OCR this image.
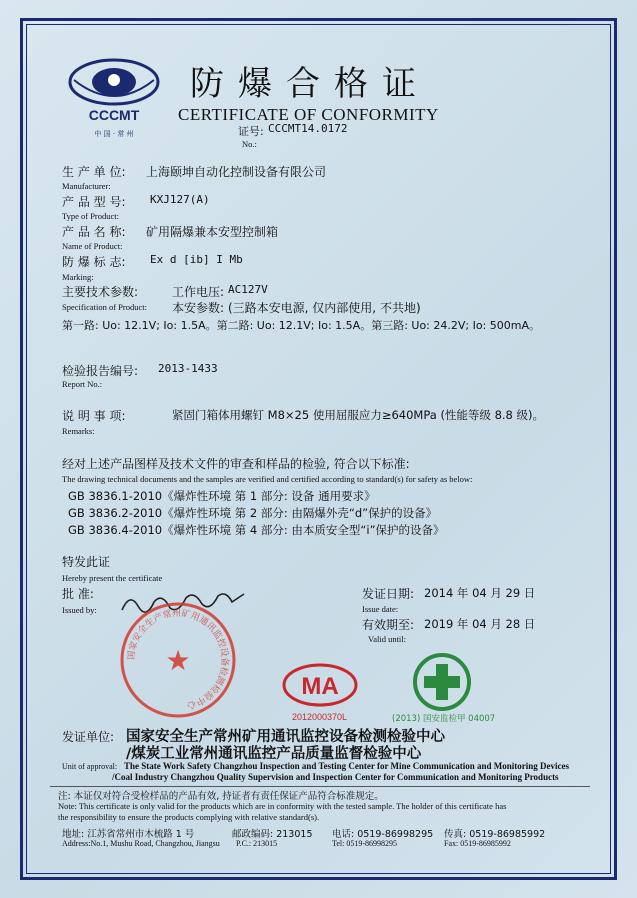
CCCMT
中 国 · 常 州
防爆合格证
CERTIFICATE OF CONFORMITY
证号: CCCMT14.0172
No.:
生 产 单 位: 上海颐坤自动化控制设备有限公司
Manufacturer:
产 品 型 号: KXJ127(A)
Type of Product:
产 品 名 称: 矿用隔爆兼本安型控制箱
Name of Product:
防 爆 标 志: Ex d [ib] I Mb
Marking:
主要技术参数:	工作电压: AC127V
Specification of Product: 本安参数: (三路本安电源, 仅内部使用, 不共地)
第一路: Uo: 12.1V; Io: 1.5A。第二路: Uo: 12.1V; Io: 1.5A。第三路: Uo: 24.2V; Io: 500mA。
检验报告编号: 2013-1433
Report No.:
说 明 事 项:	紧固门箱体用螺钉 M8×25 使用屈服应力≥640MPa (性能等级 8.8 级)。
Remarks:
经对上述产品图样及技术文件的审查和样品的检验, 符合以下标准:
The drawing technical documents and the samples are verified and certified according to standard(s) for safety as below:
GB 3836.1-2010《爆炸性环境 第 1 部分: 设备 通用要求》
GB 3836.2-2010《爆炸性环境 第 2 部分: 由隔爆外壳“d”保护的设备》
GB 3836.4-2010《爆炸性环境 第 4 部分: 由本质安全型“i”保护的设备》
特发此证
Hereby present the certificate
批 准:
Issued by:
国家安全生产常州矿用通讯监控设备检测检验中心
★
发证日期: 2014 年 04 月 29 日
Issue date:
有效期至: 2019 年 04 月 28 日
Valid until:
MA
2012000370L	(2013) 国安监检甲 04007
发证单位: 国家安全生产常州矿用通讯监控设备检测检验中心
/煤炭工业常州通讯监控产品质量监督检验中心
Unit of approval: The State Work Safety Changzhou Inspection and Testing Center for Mine Communication and Monitoring Devices
/Coal Industry Changzhou Quality Supervision and Inspection Center for Communication and Monitoring Products
注: 本证仅对符合受检样品的产品有效, 持证者有责任保证产品符合标准规定。
Note: This certificate is only valid for the products which are in conformity with the tested sample. The holder of this certificate has
the responsibility to ensure the products complying with relative standard(s).
地址: 江苏省常州市木梳路 1 号	邮政编码: 213015 电话: 0519-86998295 传真: 0519-86985992
Address:No.1, Mushu Road, Changzhou, Jiangsu P.C.: 213015	Tel: 0519-86998295	Fax: 0519-86985992
